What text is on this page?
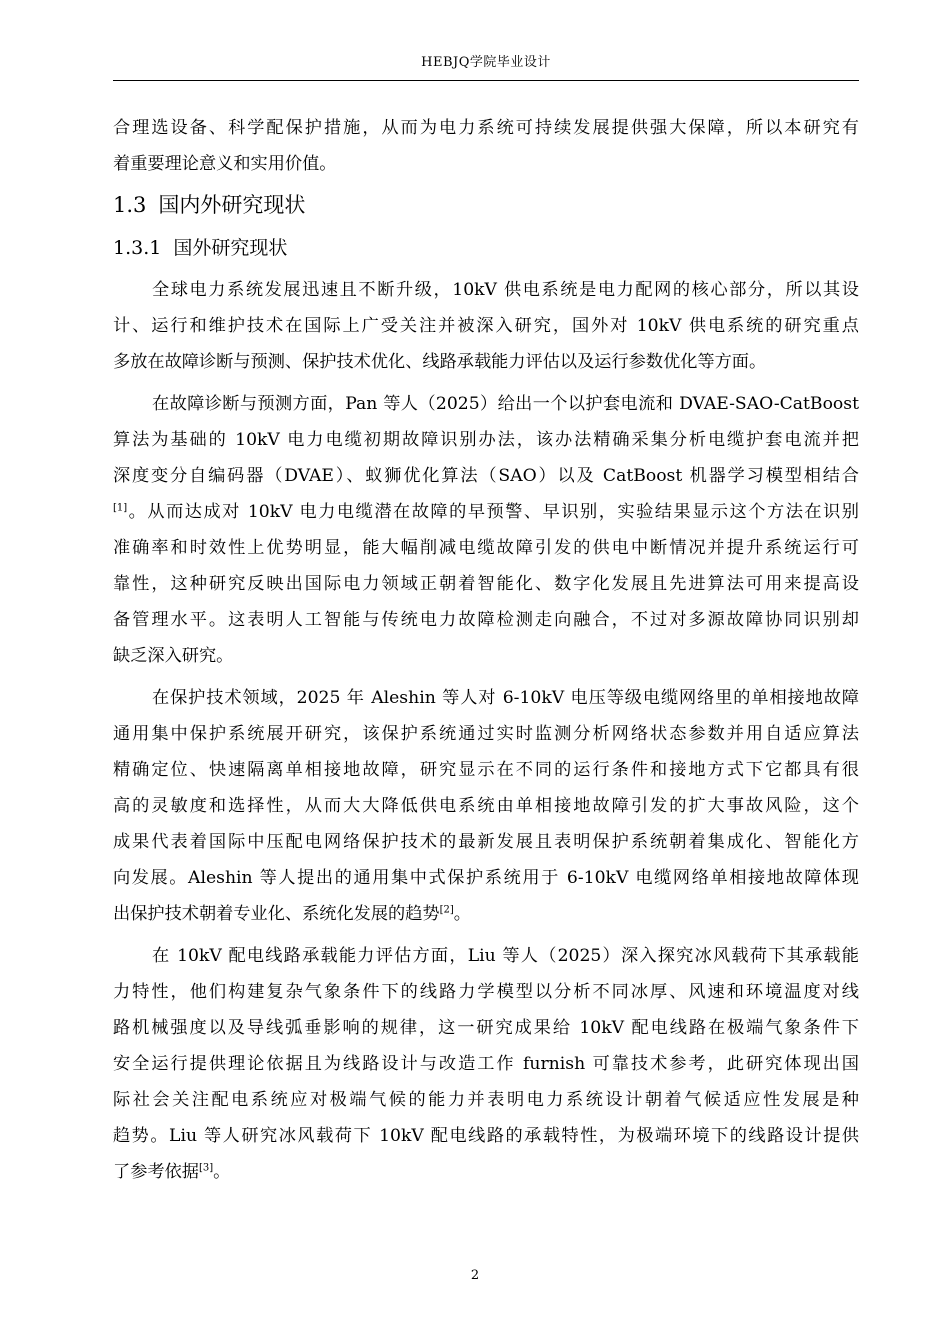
HEBJQ学院毕业设计
合理选设备、科学配保护措施，从而为电力系统可持续发展提供强大保障，所以本研究有
着重要理论意义和实用价值。
1.3 国内外研究现状
1.3.1 国外研究现状
全球电力系统发展迅速且不断升级，10kV 供电系统是电力配网的核心部分，所以其设
计、运行和维护技术在国际上广受关注并被深入研究，国外对 10kV 供电系统的研究重点
多放在故障诊断与预测、保护技术优化、线路承载能力评估以及运行参数优化等方面。
在故障诊断与预测方面，Pan 等人（2025）给出一个以护套电流和 DVAE-SAO-CatBoost
算法为基础的 10kV 电力电缆初期故障识别办法，该办法精确采集分析电缆护套电流并把
深度变分自编码器（DVAE）、蚁狮优化算法（SAO）以及 CatBoost 机器学习模型相结合
[1]。从而达成对 10kV 电力电缆潜在故障的早预警、早识别，实验结果显示这个方法在识别
准确率和时效性上优势明显，能大幅削减电缆故障引发的供电中断情况并提升系统运行可
靠性，这种研究反映出国际电力领域正朝着智能化、数字化发展且先进算法可用来提高设
备管理水平。这表明人工智能与传统电力故障检测走向融合，不过对多源故障协同识别却
缺乏深入研究。
在保护技术领域，2025 年 Aleshin 等人对 6-10kV 电压等级电缆网络里的单相接地故障
通用集中保护系统展开研究，该保护系统通过实时监测分析网络状态参数并用自适应算法
精确定位、快速隔离单相接地故障，研究显示在不同的运行条件和接地方式下它都具有很
高的灵敏度和选择性，从而大大降低供电系统由单相接地故障引发的扩大事故风险，这个
成果代表着国际中压配电网络保护技术的最新发展且表明保护系统朝着集成化、智能化方
向发展。Aleshin 等人提出的通用集中式保护系统用于 6-10kV 电缆网络单相接地故障体现
出保护技术朝着专业化、系统化发展的趋势[2]。
在 10kV 配电线路承载能力评估方面，Liu 等人（2025）深入探究冰风载荷下其承载能
力特性，他们构建复杂气象条件下的线路力学模型以分析不同冰厚、风速和环境温度对线
路机械强度以及导线弧垂影响的规律，这一研究成果给 10kV 配电线路在极端气象条件下
安全运行提供理论依据且为线路设计与改造工作 furnish 可靠技术参考，此研究体现出国
际社会关注配电系统应对极端气候的能力并表明电力系统设计朝着气候适应性发展是种
趋势。Liu 等人研究冰风载荷下 10kV 配电线路的承载特性，为极端环境下的线路设计提供
了参考依据[3]。
2
